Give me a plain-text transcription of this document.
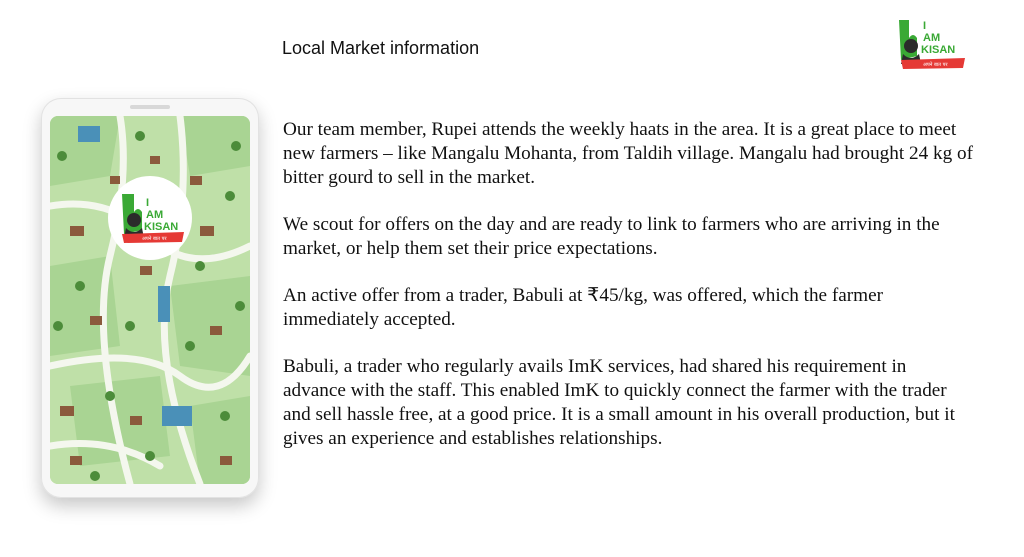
Local Market information
I
AM
KISAN
अपने बात पर
I
AM
KISAN
अपने बात पर

Our team member, Rupei attends the weekly haats in the area. It is a great place to meet new farmers – like Mangalu Mohanta, from Taldih village. Mangalu had brought 24 kg of bitter gourd to sell in the market.

We scout for offers on the day and are ready to link to farmers who are arriving in the market, or help them set their price expectations.

An active offer from a trader, Babuli at ₹45/kg, was offered, which the farmer immediately accepted.

Babuli, a trader who regularly avails ImK services, had shared his requirement in advance with the staff. This enabled ImK to quickly connect the farmer with the trader and sell hassle free, at a good price. It is a small amount in his overall production, but it gives an experience and establishes relationships.
